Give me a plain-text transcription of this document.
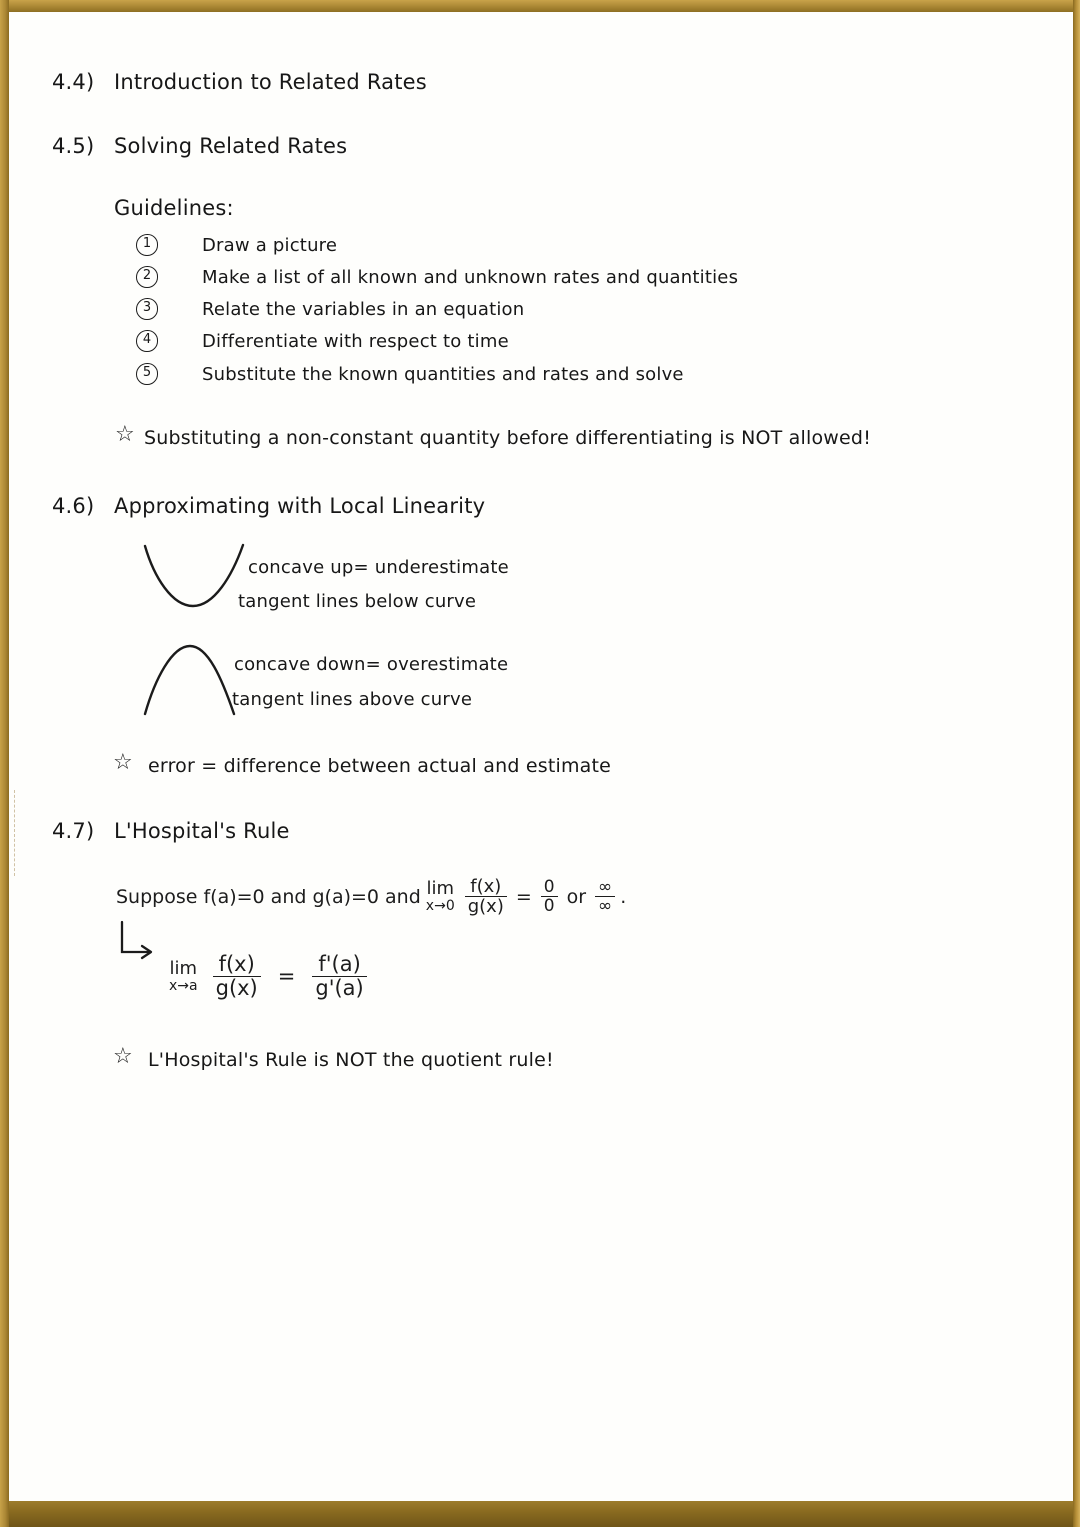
4.4) Introduction to Related Rates
4.5) Solving Related Rates
Guidelines:
1	Draw a picture
2	Make a list of all known and unknown rates and quantities
3	Relate the variables in an equation
4	Differentiate with respect to time
5	Substitute the known quantities and rates and solve
☆ Substituting a non-constant quantity before differentiating is NOT allowed!
4.6) Approximating with Local Linearity
concave up= underestimate
tangent lines below curve
concave down= overestimate
tangent lines above curve
☆ error = difference between actual and estimate
4.7) L'Hospital's Rule
Suppose f(a)=0 and g(a)=0 and lim
$x\to 0 \frac{f(x)}{g(x)} = \frac{0}{0}$ or $\frac{\infty}{\infty}$ .
lim
$x\to a \frac{f(x)}{g(x)} = \frac{f'(a)}{g'(a)}$
☆ L'Hospital's Rule is NOT the quotient rule!
